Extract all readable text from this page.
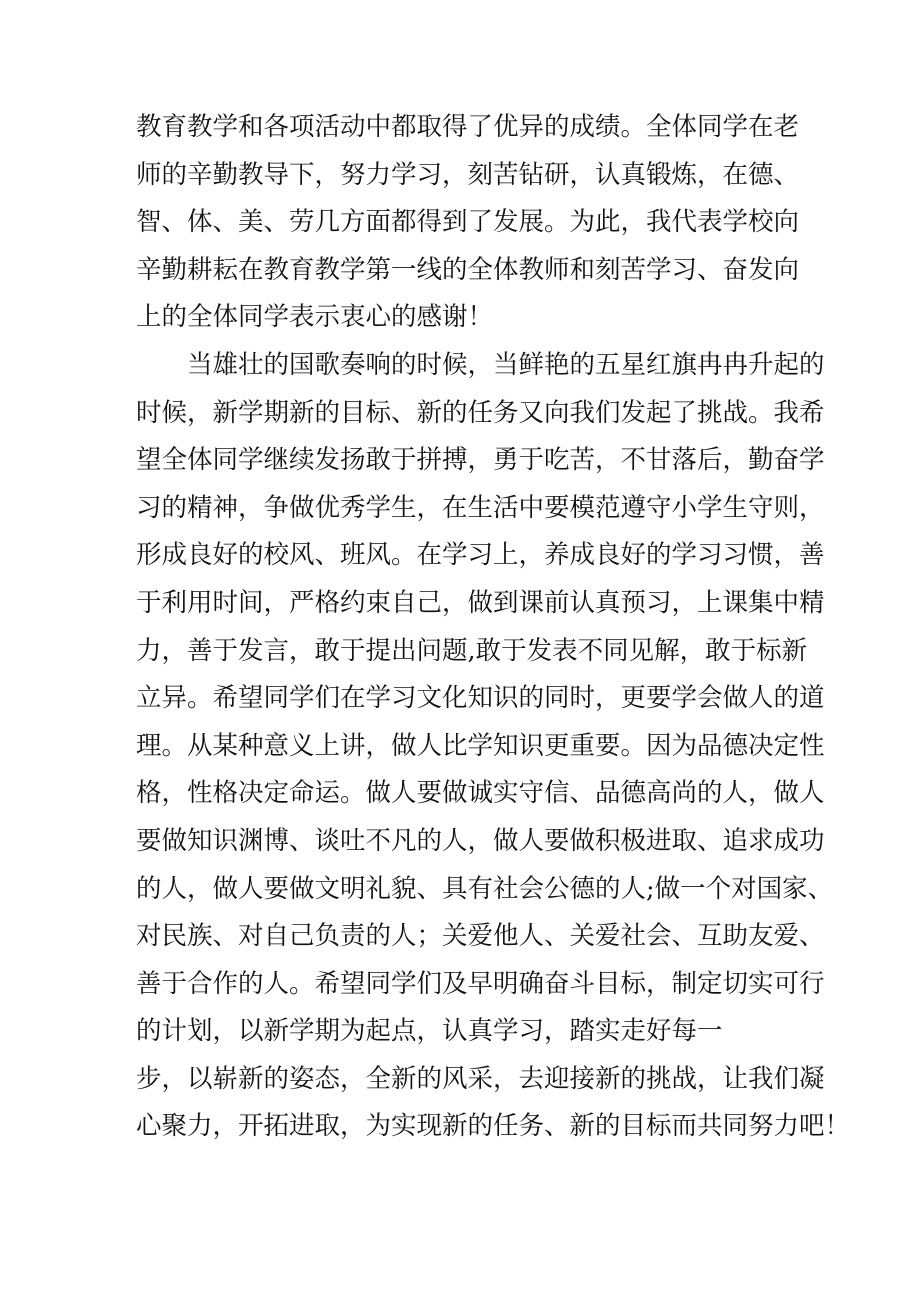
教育教学和各项活动中都取得了优异的成绩。全体同学在老
师的辛勤教导下，努力学习，刻苦钻研，认真锻炼，在德、
智、体、美、劳几方面都得到了发展。为此，我代表学校向
辛勤耕耘在教育教学第一线的全体教师和刻苦学习、奋发向
上的全体同学表示衷心的感谢！
当雄壮的国歌奏响的时候，当鲜艳的五星红旗冉冉升起的
时候，新学期新的目标、新的任务又向我们发起了挑战。我希
望全体同学继续发扬敢于拼搏，勇于吃苦，不甘落后，勤奋学
习的精神，争做优秀学生，在生活中要模范遵守小学生守则，
形成良好的校风、班风。在学习上，养成良好的学习习惯，善
于利用时间，严格约束自己，做到课前认真预习，上课集中精
力，善于发言，敢于提出问题,敢于发表不同见解，敢于标新
立异。希望同学们在学习文化知识的同时，更要学会做人的道
理。从某种意义上讲，做人比学知识更重要。因为品德决定性
格，性格决定命运。做人要做诚实守信、品德高尚的人，做人
要做知识渊博、谈吐不凡的人，做人要做积极进取、追求成功
的人，做人要做文明礼貌、具有社会公德的人;做一个对国家、
对民族、对自己负责的人；关爱他人、关爱社会、互助友爱、
善于合作的人。希望同学们及早明确奋斗目标，制定切实可行
的计划，以新学期为起点，认真学习，踏实走好每一
步，以崭新的姿态，全新的风采，去迎接新的挑战，让我们凝
心聚力，开拓进取，为实现新的任务、新的目标而共同努力吧！
